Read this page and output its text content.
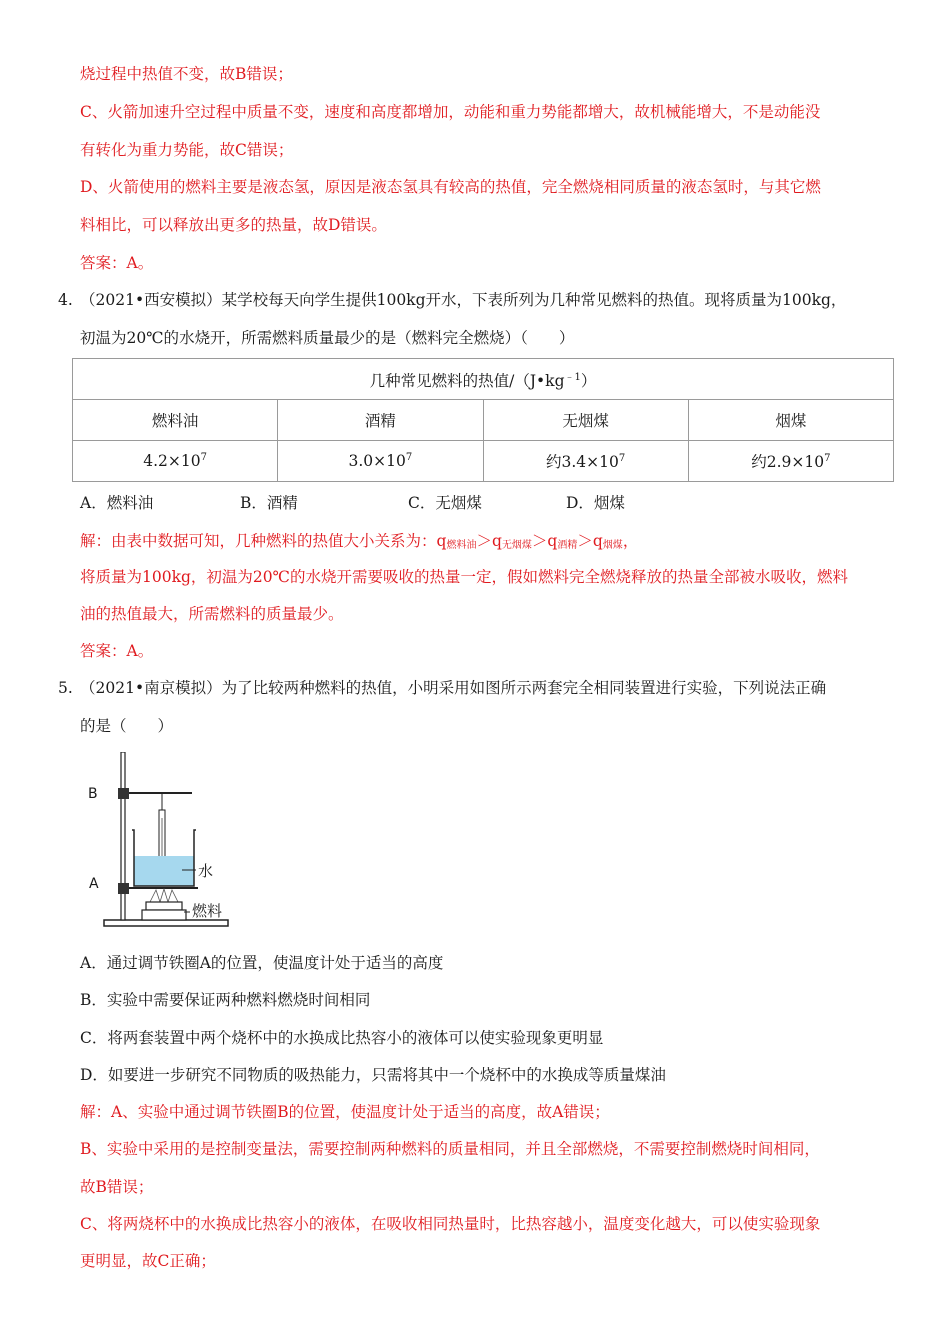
烧过程中热值不变，故B错误；
C、火箭加速升空过程中质量不变，速度和高度都增加，动能和重力势能都增大，故机械能增大，不是动能没
有转化为重力势能，故C错误；
D、火箭使用的燃料主要是液态氢，原因是液态氢具有较高的热值，完全燃烧相同质量的液态氢时，与其它燃
料相比，可以释放出更多的热量，故D错误。
答案：A。
4. （2021•西安模拟）某学校每天向学生提供100kg开水，下表所列为几种常见燃料的热值。现将质量为100kg，
初温为20℃的水烧开，所需燃料质量最少的是（燃料完全燃烧）（　　）
几种常见燃料的热值$/(J•kg^{﹣1})$			
燃料油	酒精	无烟煤	烟煤
$4.2\times 10^7$	$3.0\times 10^7$	约$3.4\times 10^7$	约$2.9\times 10^7$
A．燃料油	B．酒精	C．无烟煤	D．烟煤
解：由表中数据可知，几种燃料的热值大小关系为：$q_{燃料油}>q_{无烟煤}>q_{酒精}>q_{烟煤}$，
将质量为100kg，初温为20℃的水烧开需要吸收的热量一定，假如燃料完全燃烧释放的热量全部被水吸收，燃料
油的热值最大，所需燃料的质量最少。
答案：A。
5. （2021•南京模拟）为了比较两种燃料的热值，小明采用如图所示两套完全相同装置进行实验，下列说法正确
的是（　　）
B
A
水
燃料
A．通过调节铁圈A的位置，使温度计处于适当的高度
B．实验中需要保证两种燃料燃烧时间相同
C．将两套装置中两个烧杯中的水换成比热容小的液体可以使实验现象更明显
D．如要进一步研究不同物质的吸热能力，只需将其中一个烧杯中的水换成等质量煤油
解：A、实验中通过调节铁圈B的位置，使温度计处于适当的高度，故A错误；
B、实验中采用的是控制变量法，需要控制两种燃料的质量相同，并且全部燃烧，不需要控制燃烧时间相同，
故B错误；
C、将两烧杯中的水换成比热容小的液体，在吸收相同热量时，比热容越小，温度变化越大，可以使实验现象
更明显，故C正确；
